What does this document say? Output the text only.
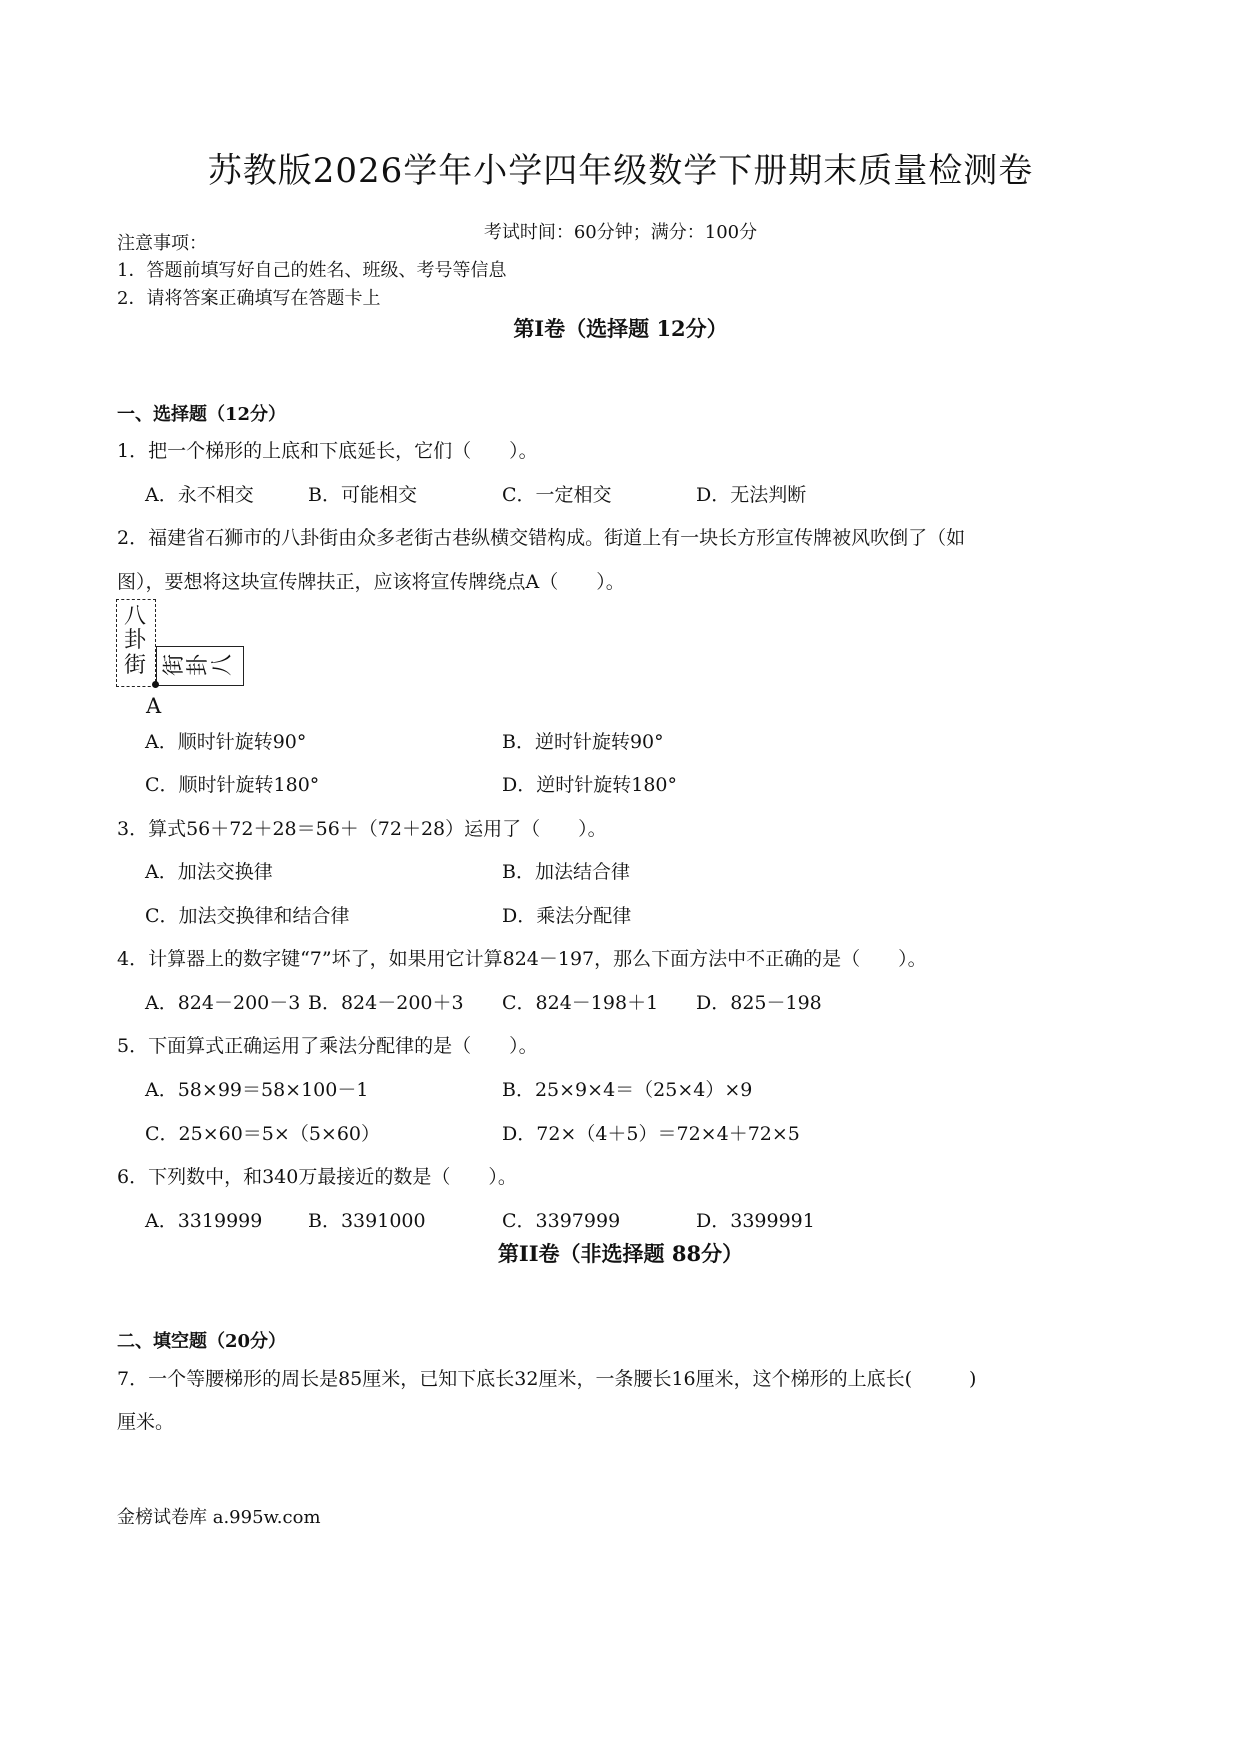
苏教版2026学年小学四年级数学下册期末质量检测卷
考试时间：60分钟；满分：100分
注意事项：
1．答题前填写好自己的姓名、班级、考号等信息
2．请将答案正确填写在答题卡上
第I卷（选择题 12分）
一、选择题（12分）
1．把一个梯形的上底和下底延长，它们（　　）。
A．永不相交	B．可能相交	C．一定相交	D．无法判断
2．福建省石狮市的八卦街由众多老街古巷纵横交错构成。街道上有一块长方形宣传牌被风吹倒了（如
图），要想将这块宣传牌扶正，应该将宣传牌绕点A（　　）。
八
卦
街	八
卦
街
A
A．顺时针旋转90°	B．逆时针旋转90°
C．顺时针旋转180°	D．逆时针旋转180°
3．算式56＋72＋28＝56＋（72＋28）运用了（　　）。
A．加法交换律	B．加法结合律
C．加法交换律和结合律	D．乘法分配律
4．计算器上的数字键“7”坏了，如果用它计算824－197，那么下面方法中不正确的是（　　）。
A．824－200－3 B．824－200＋3 C．824－198＋1 D．825－198
5．下面算式正确运用了乘法分配律的是（　　）。
A．58×99＝58×100－1	B．25×9×4＝（25×4）×9
C．25×60＝5×（5×60）	D．72×（4＋5）＝72×4＋72×5
6．下列数中，和340万最接近的数是（　　）。
A．3319999 B．3391000	C．3397999	D．3399991
第II卷（非选择题 88分）
二、填空题（20分）
7．一个等腰梯形的周长是85厘米，已知下底长32厘米，一条腰长16厘米，这个梯形的上底长(　　　)
厘米。
金榜试卷库 a.995w.com
